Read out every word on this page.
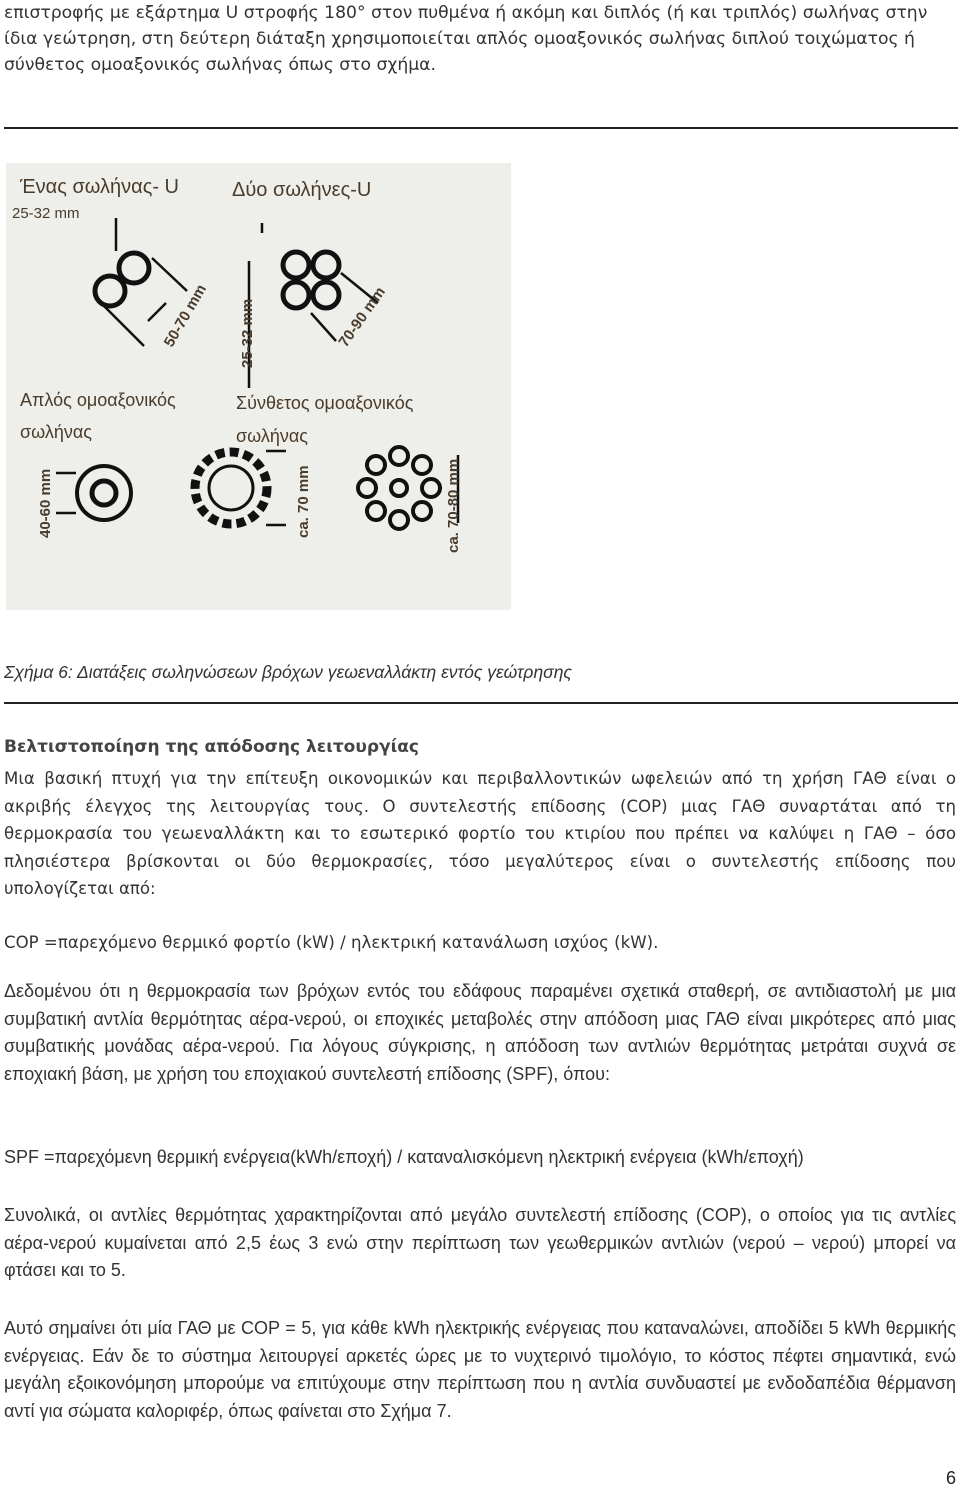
επιστροφής με εξάρτημα U στροφής 180° στον πυθμένα ή ακόμη και διπλός (ή και τριπλός) σωλήνας στην ίδια γεώτρηση, στη δεύτερη διάταξη χρησιμοποιείται απλός ομοαξονικός σωλήνας διπλού τοιχώματος ή σύνθετος ομοαξονικός σωλήνας όπως στο σχήμα.

Ένας σωλήνας- U	Δύο σωλήνες-U
25-32 mm
50-70 mm 25-32 mm	70-90 mm
Απλός ομοαξονικός
σωλήνας
Σύνθετος ομοαξονικός
σωλήνας
40-60 mm	ca. 70 mm	ca. 70-80 mm

Σχήμα 6: Διατάξεις σωληνώσεων βρόχων γεωεναλλάκτη εντός γεώτρησης

Βελτιστοποίηση της απόδοσης λειτουργίας

Μια βασική πτυχή για την επίτευξη οικονομικών και περιβαλλοντικών ωφελειών από τη χρήση ΓΑΘ είναι ο ακριβής έλεγχος της λειτουργίας τους. Ο συντελεστής επίδοσης (COP) μιας ΓΑΘ συναρτάται από τη θερμοκρασία του γεωεναλλάκτη και το εσωτερικό φορτίο του κτιρίου που πρέπει να καλύψει η ΓΑΘ – όσο πλησιέστερα βρίσκονται οι δύο θερμοκρασίες, τόσο μεγαλύτερος είναι ο συντελεστής επίδοσης που υπολογίζεται από:

COP =παρεχόμενο θερμικό φορτίο (kW) / ηλεκτρική κατανάλωση ισχύος (kW).

Δεδομένου ότι η θερμοκρασία των βρόχων εντός του εδάφους παραμένει σχετικά σταθερή, σε αντιδιαστολή με μια συμβατική αντλία θερμότητας αέρα-νερού, οι εποχικές μεταβολές στην απόδοση μιας ΓΑΘ είναι μικρότερες από μιας συμβατικής μονάδας αέρα-νερού. Για λόγους σύγκρισης, η απόδοση των αντλιών θερμότητας μετράται συχνά σε εποχιακή βάση, με χρήση του εποχιακού συντελεστή επίδοσης (SPF), όπου:

SPF =παρεχόμενη θερμική ενέργεια(kWh/εποχή) / καταναλισκόμενη ηλεκτρική ενέργεια (kWh/εποχή)

Συνολικά, οι αντλίες θερμότητας χαρακτηρίζονται από μεγάλο συντελεστή επίδοσης (COP), ο οποίος για τις αντλίες αέρα-νερού κυμαίνεται από 2,5 έως 3 ενώ στην περίπτωση των γεωθερμικών αντλιών (νερού – νερού) μπορεί να φτάσει και το 5.

Αυτό σημαίνει ότι μία ΓΑΘ με COP = 5, για κάθε kWh ηλεκτρικής ενέργειας που καταναλώνει, αποδίδει 5 kWh θερμικής ενέργειας. Εάν δε το σύστημα λειτουργεί αρκετές ώρες με το νυχτερινό τιμολόγιο, το κόστος πέφτει σημαντικά, ενώ μεγάλη εξοικονόμηση μπορούμε να επιτύχουμε στην περίπτωση που η αντλία συνδυαστεί με ενδοδαπέδια θέρμανση αντί για σώματα καλοριφέρ, όπως φαίνεται στο Σχήμα 7.

6
